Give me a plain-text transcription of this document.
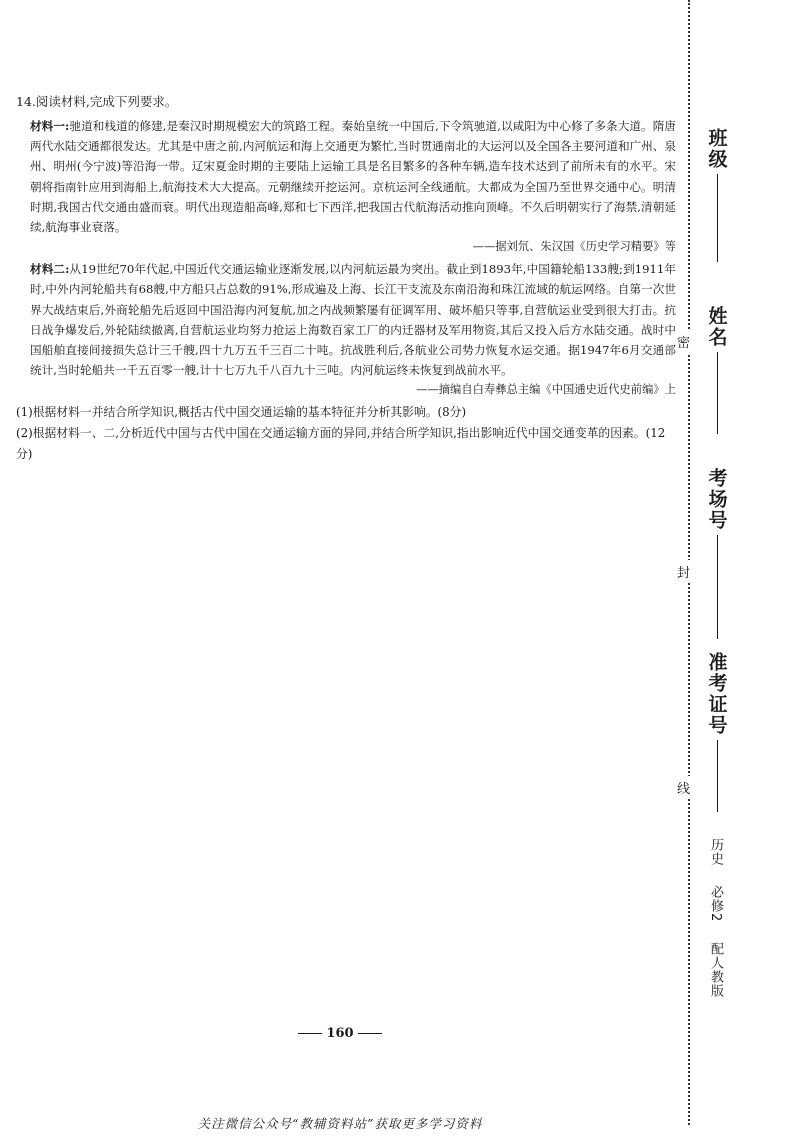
14.阅读材料,完成下列要求。

材料一:驰道和栈道的修建,是秦汉时期规模宏大的筑路工程。秦始皇统一中国后,下令筑驰道,以咸阳为中心修了多条大道。隋唐两代水陆交通都很发达。尤其是中唐之前,内河航运和海上交通更为繁忙,当时贯通南北的大运河以及全国各主要河道和广州、泉州、明州(今宁波)等沿海一带。辽宋夏金时期的主要陆上运输工具是名目繁多的各种车辆,造车技术达到了前所未有的水平。宋朝将指南针应用到海船上,航海技术大大提高。元朝继续开挖运河。京杭运河全线通航。大都成为全国乃至世界交通中心。明清时期,我国古代交通由盛而衰。明代出现造船高峰,郑和七下西洋,把我国古代航海活动推向顶峰。不久后明朝实行了海禁,清朝延续,航海事业衰落。

——据刘氘、朱汉国《历史学习精要》等

材料二:从19世纪70年代起,中国近代交通运输业逐渐发展,以内河航运最为突出。截止到1893年,中国籍轮船133艘;到1911年时,中外内河轮船共有68艘,中方船只占总数的91%,形成遍及上海、长江干支流及东南沿海和珠江流域的航运网络。自第一次世界大战结束后,外商轮船先后返回中国沿海内河复航,加之内战频繁屡有征调军用、破坏船只等事,自营航运业受到很大打击。抗日战争爆发后,外轮陆续撤离,自营航运业均努力抢运上海数百家工厂的内迁器材及军用物资,其后又投入后方水陆交通。战时中国船舶直接间接损失总计三千艘,四十九万五千三百二十吨。抗战胜利后,各航业公司势力恢复水运交通。据1947年6月交通部统计,当时轮船共一千五百零一艘,计十七万九千八百九十三吨。内河航运终未恢复到战前水平。

——摘编自白寿彝总主编《中国通史近代史前编》上

(1)根据材料一并结合所学知识,概括古代中国交通运输的基本特征并分析其影响。(8分)

(2)根据材料一、二,分析近代中国与古代中国在交通运输方面的异同,并结合所学知识,指出影响近代中国交通变革的因素。(12分)

160
关注微信公众号“教辅资料站”获取更多学习资料
班级
姓名
考场号
准考证号
密
封
线
历史 必修2 配人教版
